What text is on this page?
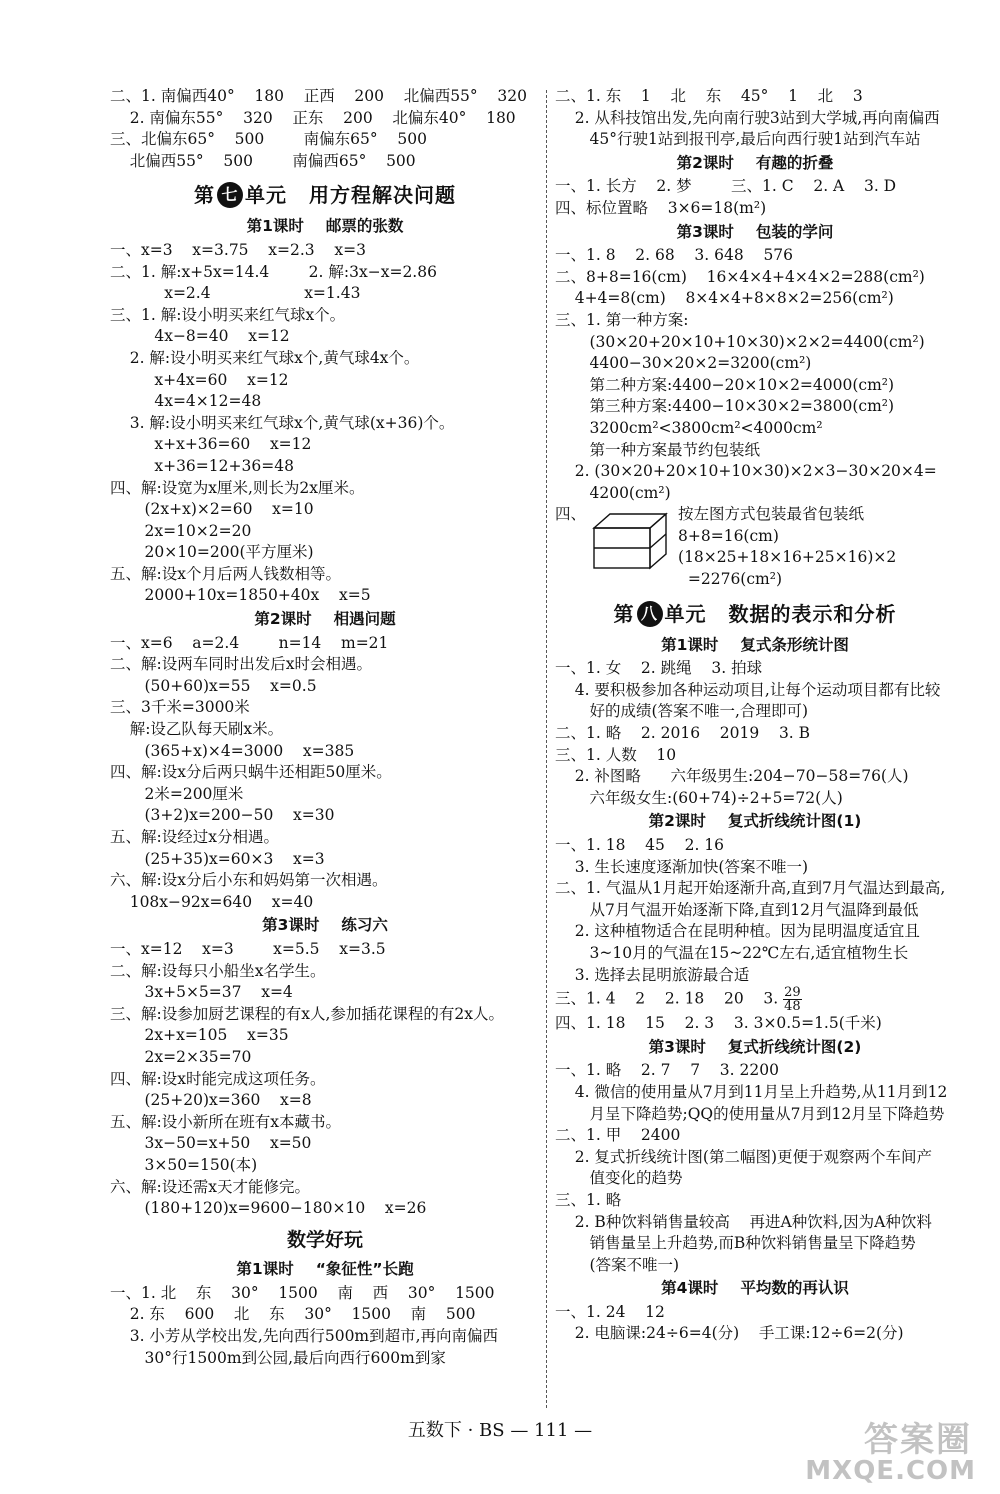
二、1. 南偏西40°    180    正西    200    北偏西55°    320
2. 南偏东55°    320    正东    200    北偏东40°    180
三、北偏东65°    500        南偏东65°    500
北偏西55°    500        南偏西65°    500
第 七 单元 用方程解决问题
第1课时 邮票的张数
一、x=3    x=3.75    x=2.3    x=3
二、1. 解:x+5x=14.4        2. 解:3x−x=2.86
x=2.4                   x=1.43
三、1. 解:设小明买来红气球x个。
4x−8=40    x=12
2. 解:设小明买来红气球x个,黄气球4x个。
x+4x=60    x=12
4x=4×12=48
3. 解:设小明买来红气球x个,黄气球(x+36)个。
x+x+36=60    x=12
x+36=12+36=48
四、解:设宽为x厘米,则长为2x厘米。
(2x+x)×2=60    x=10
2x=10×2=20
20×10=200(平方厘米)
五、解:设x个月后两人钱数相等。
2000+10x=1850+40x    x=5
第2课时 相遇问题
一、x=6    a=2.4        n=14    m=21
二、解:设两车同时出发后x时会相遇。
(50+60)x=55    x=0.5
三、3千米=3000米
解:设乙队每天刷x米。
(365+x)×4=3000    x=385
四、解:设x分后两只蜗牛还相距50厘米。
2米=200厘米
(3+2)x=200−50    x=30
五、解:设经过x分相遇。
(25+35)x=60×3    x=3
六、解:设x分后小东和妈妈第一次相遇。
108x−92x=640    x=40
第3课时 练习六
一、x=12    x=3        x=5.5    x=3.5
二、解:设每只小船坐x名学生。
3x+5×5=37    x=4
三、解:设参加厨艺课程的有x人,参加插花课程的有2x人。
2x+x=105    x=35
2x=2×35=70
四、解:设x时能完成这项任务。
(25+20)x=360    x=8
五、解:设小新所在班有x本藏书。
3x−50=x+50    x=50
3×50=150(本)
六、解:设还需x天才能修完。
(180+120)x=9600−180×10    x=26
数学好玩
第1课时 “象征性”长跑
一、1. 北    东    30°    1500    南    西    30°    1500
2. 东    600    北    东    30°    1500    南    500
3. 小芳从学校出发,先向西行500m到超市,再向南偏西
30°行1500m到公园,最后向西行600m到家
二、1. 东    1    北    东    45°    1    北    3
2. 从科技馆出发,先向南行驶3站到大学城,再向南偏西
45°行驶1站到报刊亭,最后向西行驶1站到汽车站
第2课时 有趣的折叠
一、1. 长方    2. 梦        三、1. C    2. A    3. D
四、标位置略    3×6=18(m²)
第3课时 包装的学问
一、1. 8    2. 68    3. 648    576
二、8+8=16(cm)    16×4×4+4×4×2=288(cm²)
4+4=8(cm)    8×4×4+8×8×2=256(cm²)
三、1. 第一种方案:
(30×20+20×10+10×30)×2×2=4400(cm²)
4400−30×20×2=3200(cm²)
第二种方案:4400−20×10×2=4000(cm²)
第三种方案:4400−10×30×2=3800(cm²)
3200cm²<3800cm²<4000cm²
第一种方案最节约包装纸
2. (30×20+20×10+10×30)×2×3−30×20×4=
4200(cm²)
四、	按左图方式包装最省包装纸
8+8=16(cm)
(18×25+18×16+25×16)×2
=2276(cm²)
第 八 单元 数据的表示和分析
第1课时 复式条形统计图
一、1. 女    2. 跳绳    3. 拍球
4. 要积极参加各种运动项目,让每个运动项目都有比较
好的成绩(答案不唯一,合理即可)
二、1. 略    2. 2016    2019    3. B
三、1. 人数    10
2. 补图略      六年级男生:204−70−58=76(人)
六年级女生:(60+74)÷2+5=72(人)
第2课时 复式折线统计图(1)
一、1. 18    45    2. 16
3. 生长速度逐渐加快(答案不唯一)
二、1. 气温从1月起开始逐渐升高,直到7月气温达到最高,
从7月气温开始逐渐下降,直到12月气温降到最低
2. 这种植物适合在昆明种植。因为昆明温度适宜且
3~10月的气温在15~22℃左右,适宜植物生长
3. 选择去昆明旅游最合适
三、1. 4    2    2. 18    20    3. $\frac{29}{48}$
四、1. 18    15    2. 3    3. 3×0.5=1.5(千米)
第3课时 复式折线统计图(2)
一、1. 略    2. 7    7    3. 2200
4. 微信的使用量从7月到11月呈上升趋势,从11月到12
月呈下降趋势;QQ的使用量从7月到12月呈下降趋势
二、1. 甲    2400
2. 复式折线统计图(第二幅图)更便于观察两个车间产
值变化的趋势
三、1. 略
2. B种饮料销售量较高    再进A种饮料,因为A种饮料
销售量呈上升趋势,而B种饮料销售量呈下降趋势
(答案不唯一)
第4课时 平均数的再认识
一、1. 24    12
2. 电脑课:24÷6=4(分)    手工课:12÷6=2(分)
五数下 · BS — 111 —	答案圈
MXQE.COM
